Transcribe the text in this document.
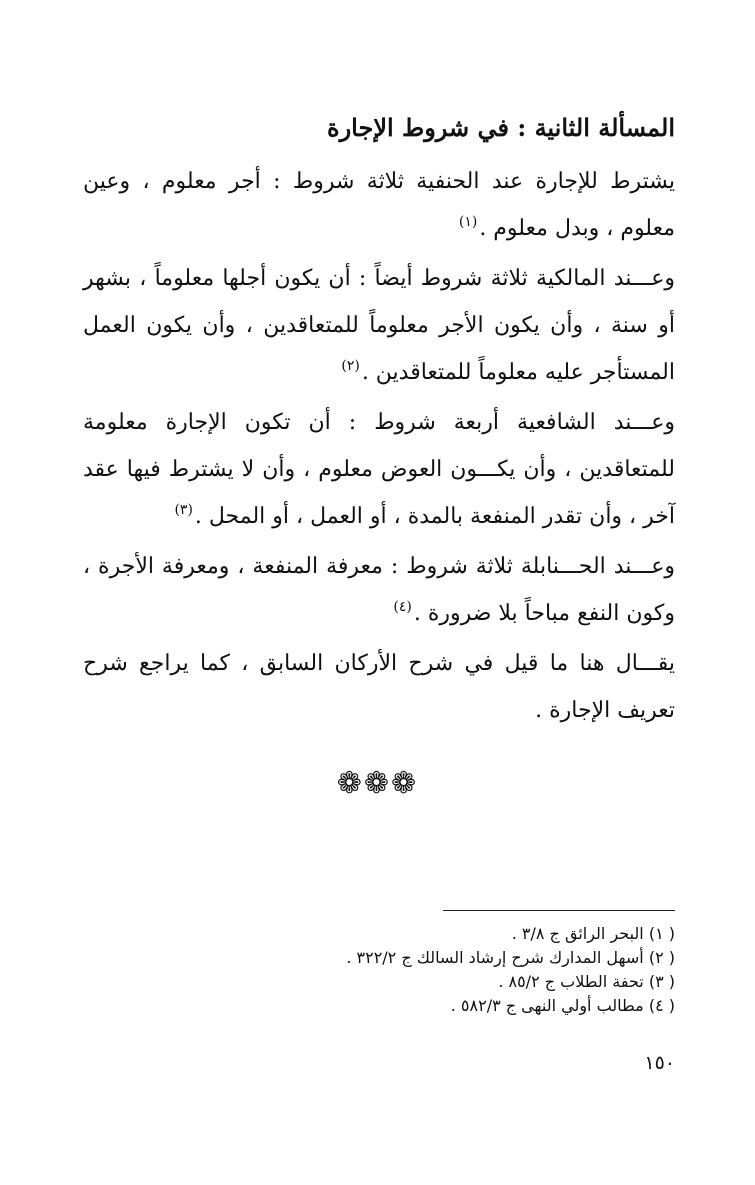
المسألة الثانية : في شروط الإجارة

يشترط للإجارة عند الحنفية ثلاثة شروط : أجر معلوم ، وعين معلوم ، وبدل معلوم .$^{(١)}$

وعـــند المالكية ثلاثة شروط أيضاً : أن يكون أجلها معلوماً ، بشهر أو سنة ، وأن يكون الأجر معلوماً للمتعاقدين ، وأن يكون العمل المستأجر عليه معلوماً للمتعاقدين .$^{(٢)}$

وعـــند الشافعية أربعة شروط : أن تكون الإجارة معلومة للمتعاقدين ، وأن يكـــون العوض معلوم ، وأن لا يشترط فيها عقد آخر ، وأن تقدر المنفعة بالمدة ، أو العمل ، أو المحل .$^{(٣)}$

وعـــند الحـــنابلة ثلاثة شروط : معرفة المنفعة ، ومعرفة الأجرة ، وكون النفع مباحاً بلا ضرورة .$^{(٤)}$

يقـــال هنا ما قيل في شرح الأركان السابق ، كما يراجع شرح تعريف الإجارة .

❁❁❁

( ١) البحر الرائق ج ٣/٨ .

( ٢) أسهل المدارك شرح إرشاد السالك ج ٣٢٢/٢ .

( ٣) تحفة الطلاب ج ٨٥/٢ .

( ٤) مطالب أولي النهى ج ٥٨٢/٣ .

١٥٠
